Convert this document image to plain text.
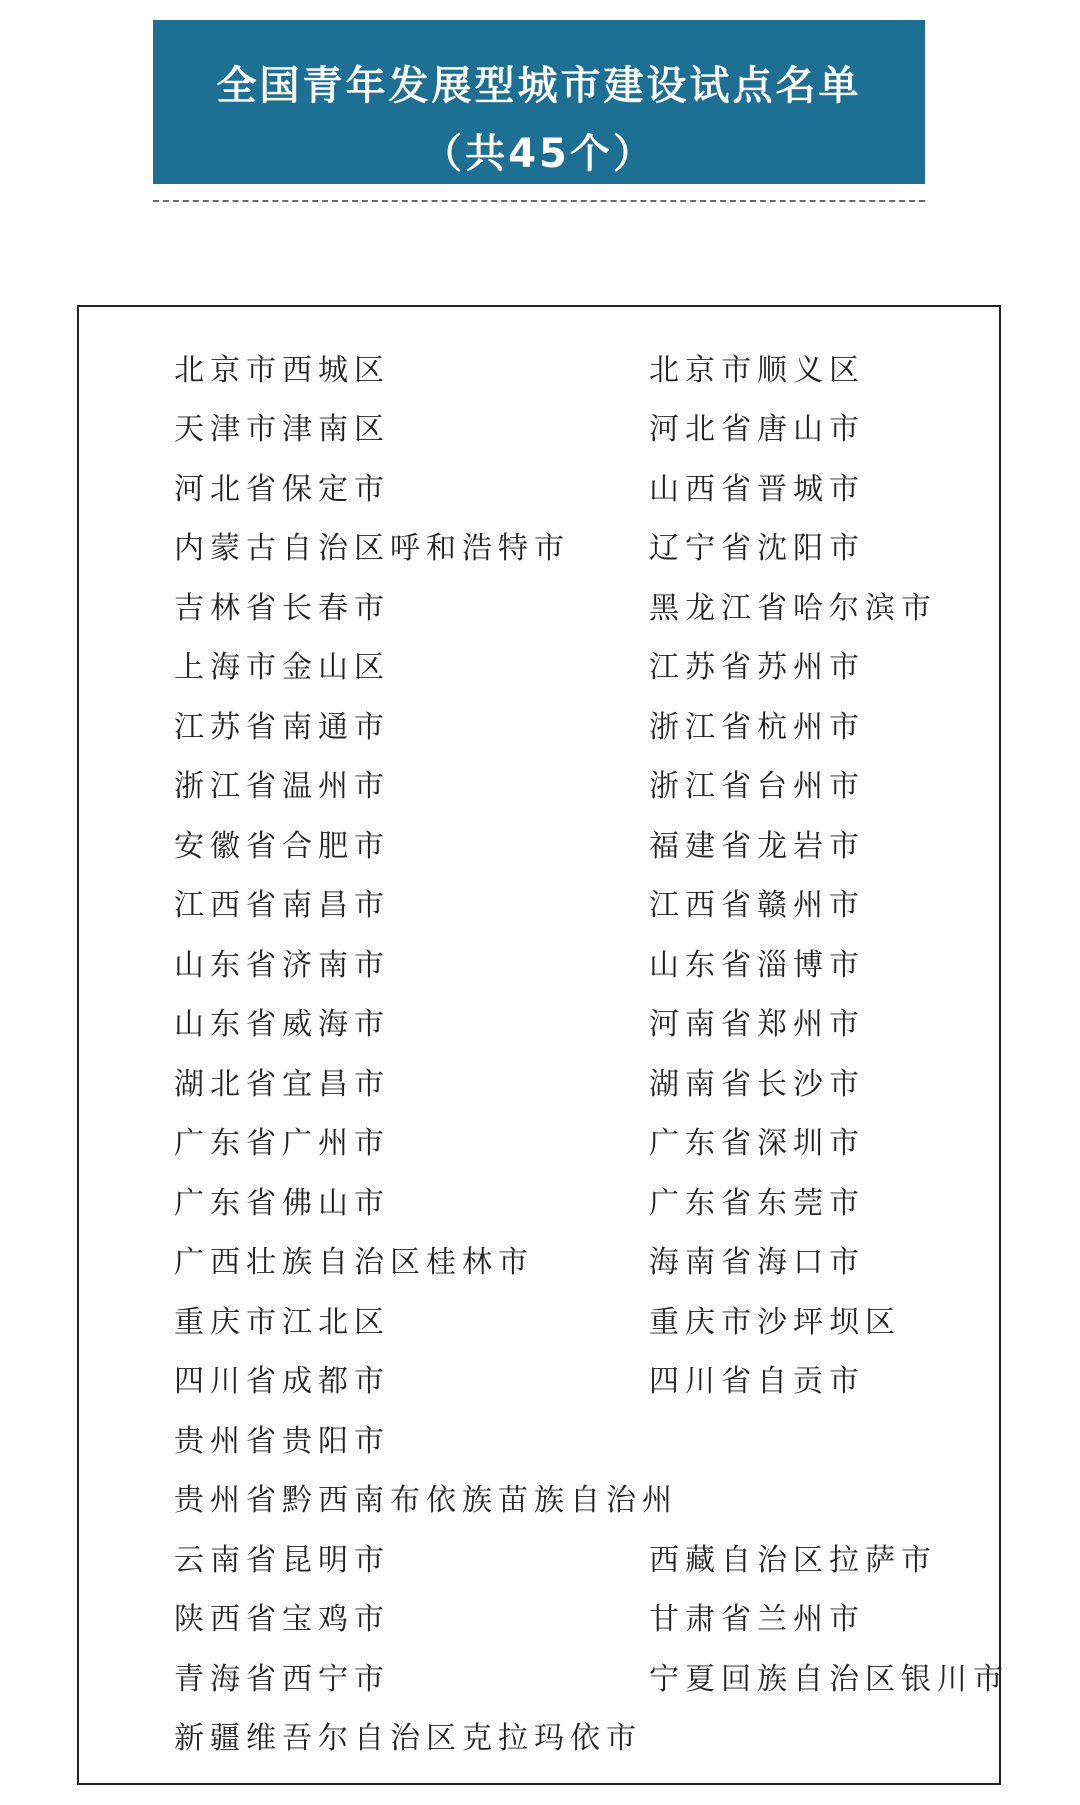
全国青年发展型城市建设试点名单
（共45个）
北京市西城区	北京市顺义区
天津市津南区	河北省唐山市
河北省保定市	山西省晋城市
内蒙古自治区呼和浩特市	辽宁省沈阳市
吉林省长春市	黑龙江省哈尔滨市
上海市金山区	江苏省苏州市
江苏省南通市	浙江省杭州市
浙江省温州市	浙江省台州市
安徽省合肥市	福建省龙岩市
江西省南昌市	江西省赣州市
山东省济南市	山东省淄博市
山东省威海市	河南省郑州市
湖北省宜昌市	湖南省长沙市
广东省广州市	广东省深圳市
广东省佛山市	广东省东莞市
广西壮族自治区桂林市	海南省海口市
重庆市江北区	重庆市沙坪坝区
四川省成都市	四川省自贡市
贵州省贵阳市
贵州省黔西南布依族苗族自治州
云南省昆明市	西藏自治区拉萨市
陕西省宝鸡市	甘肃省兰州市
青海省西宁市	宁夏回族自治区银川市
新疆维吾尔自治区克拉玛依市
